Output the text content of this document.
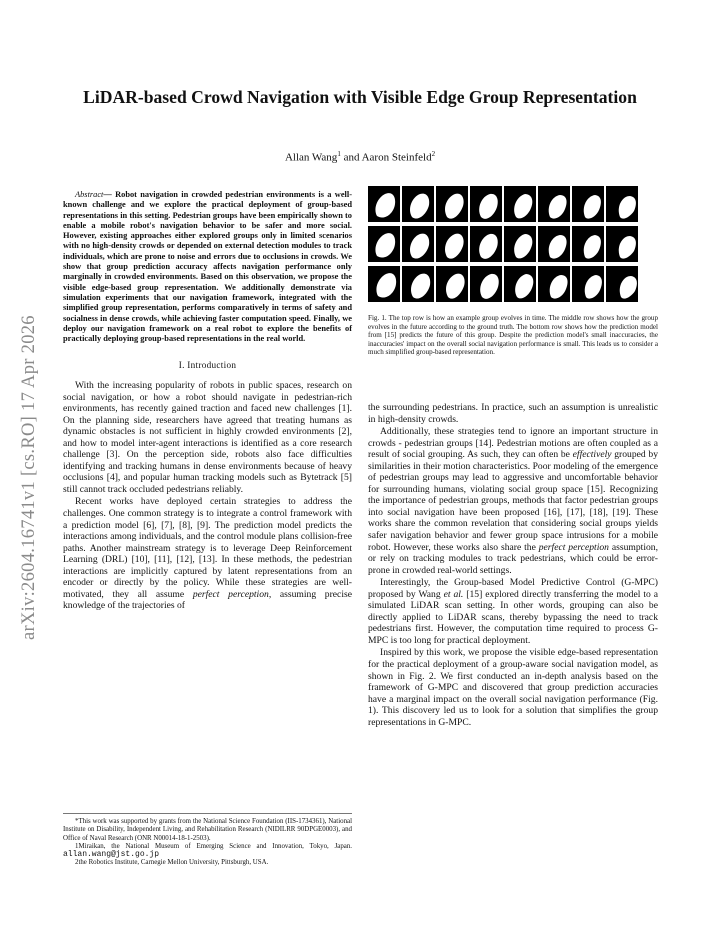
arXiv:2604.16741v1 [cs.RO] 17 Apr 2026
LiDAR-based Crowd Navigation with Visible Edge Group Representation
Allan Wang$^1$ and Aaron Steinfeld$^2$

Abstract— Robot navigation in crowded pedestrian environments is a well-known challenge and we explore the practical deployment of group-based representations in this setting. Pedestrian groups have been empirically shown to enable a mobile robot's navigation behavior to be safer and more social. However, existing approaches either explored groups only in limited scenarios with no high-density crowds or depended on external detection modules to track individuals, which are prone to noise and errors due to occlusions in crowds. We show that group prediction accuracy affects navigation performance only marginally in crowded environments. Based on this observation, we propose the visible edge-based group representation. We additionally demonstrate via simulation experiments that our navigation framework, integrated with the simplified group representation, performs comparatively in terms of safety and socialness in dense crowds, while achieving faster computation speed. Finally, we deploy our navigation framework on a real robot to explore the benefits of practically deploying group-based representations in the real world.

I. Introduction

With the increasing popularity of robots in public spaces, research on social navigation, or how a robot should navigate in pedestrian-rich environments, has recently gained traction and faced new challenges [1]. On the planning side, researchers have agreed that treating humans as dynamic obstacles is not sufficient in highly crowded environments [2], and how to model inter-agent interactions is identified as a core research challenge [3]. On the perception side, robots also face difficulties identifying and tracking humans in dense environments because of heavy occlusions [4], and popular human tracking models such as Bytetrack [5] still cannot track occluded pedestrians reliably.

Recent works have deployed certain strategies to address the challenges. One common strategy is to integrate a control framework with a prediction model [6], [7], [8], [9]. The prediction model predicts the interactions among individuals, and the control module plans collision-free paths. Another mainstream strategy is to leverage Deep Reinforcement Learning (DRL) [10], [11], [12], [13]. In these methods, the pedestrian interactions are implicitly captured by latent representations from an encoder or directly by the policy. While these strategies are well-motivated, they all assume perfect perception, assuming precise knowledge of the trajectories of

*This work was supported by grants from the National Science Foundation (IIS-1734361), National Institute on Disability, Independent Living, and Rehabilitation Research (NIDILRR 90DPGE0003), and Office of Naval Research (ONR N00014-18-1-2503).

1Miraikan, the National Museum of Emerging Science and Innovation, Tokyo, Japan. allan.wang@jst.go.jp

2the Robotics Institute, Carnegie Mellon University, Pittsburgh, USA.

Fig. 1. The top row is how an example group evolves in time. The middle row shows how the group evolves in the future according to the ground truth. The bottom row shows how the prediction model from [15] predicts the future of this group. Despite the prediction model's small inaccuracies, the inaccuracies' impact on the overall social navigation performance is small. This leads us to consider a much simplified group-based representation.

the surrounding pedestrians. In practice, such an assumption is unrealistic in high-density crowds.

Additionally, these strategies tend to ignore an important structure in crowds - pedestrian groups [14]. Pedestrian motions are often coupled as a result of social grouping. As such, they can often be effectively grouped by similarities in their motion characteristics. Poor modeling of the emergence of pedestrian groups may lead to aggressive and uncomfortable behavior for surrounding humans, violating social group space [15]. Recognizing the importance of pedestrian groups, methods that factor pedestrian groups into social navigation have been proposed [16], [17], [18], [19]. These works share the common revelation that considering social groups yields safer navigation behavior and fewer group space intrusions for a mobile robot. However, these works also share the perfect perception assumption, or rely on tracking modules to track pedestrians, which could be error-prone in crowded real-world settings.

Interestingly, the Group-based Model Predictive Control (G-MPC) proposed by Wang et al. [15] explored directly transferring the model to a simulated LiDAR scan setting. In other words, grouping can also be directly applied to LiDAR scans, thereby bypassing the need to track pedestrians first. However, the computation time required to process G-MPC is too long for practical deployment.

Inspired by this work, we propose the visible edge-based representation for the practical deployment of a group-aware social navigation model, as shown in Fig. 2. We first conducted an in-depth analysis based on the framework of G-MPC and discovered that group prediction accuracies have a marginal impact on the overall social navigation performance (Fig. 1). This discovery led us to look for a solution that simplifies the group representations in G-MPC.
